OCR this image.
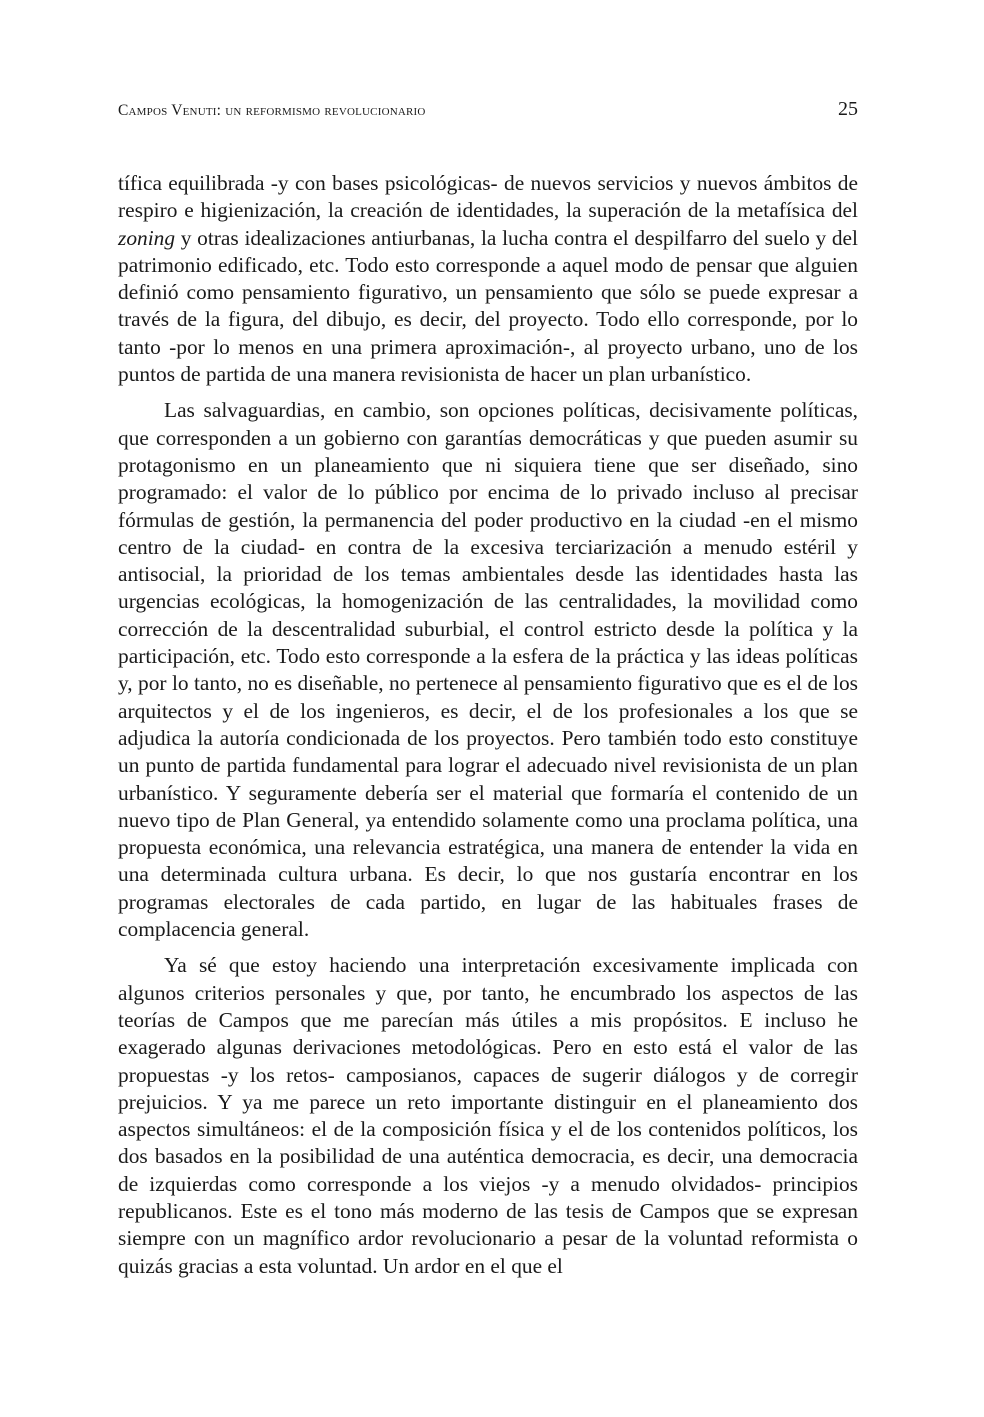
Campos Venuti: un reformismo revolucionario	25

tífica equilibrada -y con bases psicológicas- de nuevos servicios y nuevos ámbitos de respiro e higienización, la creación de identidades, la superación de la metafísica del zoning y otras idealizaciones antiurbanas, la lucha contra el despilfarro del suelo y del patrimonio edificado, etc. Todo esto corresponde a aquel modo de pensar que alguien definió como pensamiento figurativo, un pensamiento que sólo se puede expresar a través de la figura, del dibujo, es decir, del proyecto. Todo ello corresponde, por lo tanto -por lo menos en una primera aproximación-, al proyecto urbano, uno de los puntos de partida de una manera revisionista de hacer un plan urbanístico.

Las salvaguardias, en cambio, son opciones políticas, decisivamente políticas, que corresponden a un gobierno con garantías democráticas y que pueden asumir su protagonismo en un planeamiento que ni siquiera tiene que ser diseñado, sino programado: el valor de lo público por encima de lo privado incluso al precisar fórmulas de gestión, la permanencia del poder productivo en la ciudad -en el mismo centro de la ciudad- en contra de la excesiva terciarización a menudo estéril y antisocial, la prioridad de los temas ambientales desde las identidades hasta las urgencias ecológicas, la homogenización de las centralidades, la movilidad como corrección de la descentralidad suburbial, el control estricto desde la política y la participación, etc. Todo esto corresponde a la esfera de la práctica y las ideas políticas y, por lo tanto, no es diseñable, no pertenece al pensamiento figurativo que es el de los arquitectos y el de los ingenieros, es decir, el de los profesionales a los que se adjudica la autoría condicionada de los proyectos. Pero también todo esto constituye un punto de partida fundamental para lograr el adecuado nivel revisionista de un plan urbanístico. Y seguramente debería ser el material que formaría el contenido de un nuevo tipo de Plan General, ya entendido solamente como una proclama política, una propuesta económica, una relevancia estratégica, una manera de entender la vida en una determinada cultura urbana. Es decir, lo que nos gustaría encontrar en los programas electorales de cada partido, en lugar de las habituales frases de complacencia general.

Ya sé que estoy haciendo una interpretación excesivamente implicada con algunos criterios personales y que, por tanto, he encumbrado los aspectos de las teorías de Campos que me parecían más útiles a mis propósitos. E incluso he exagerado algunas derivaciones metodológicas. Pero en esto está el valor de las propuestas -y los retos- camposianos, capaces de sugerir diálogos y de corregir prejuicios. Y ya me parece un reto importante distinguir en el planeamiento dos aspectos simultáneos: el de la composición física y el de los contenidos políticos, los dos basados en la posibilidad de una auténtica democracia, es decir, una democracia de izquierdas como corresponde a los viejos -y a menudo olvidados- principios republicanos. Este es el tono más moderno de las tesis de Campos que se expresan siempre con un magnífico ardor revolucionario a pesar de la voluntad reformista o quizás gracias a esta voluntad. Un ardor en el que el
